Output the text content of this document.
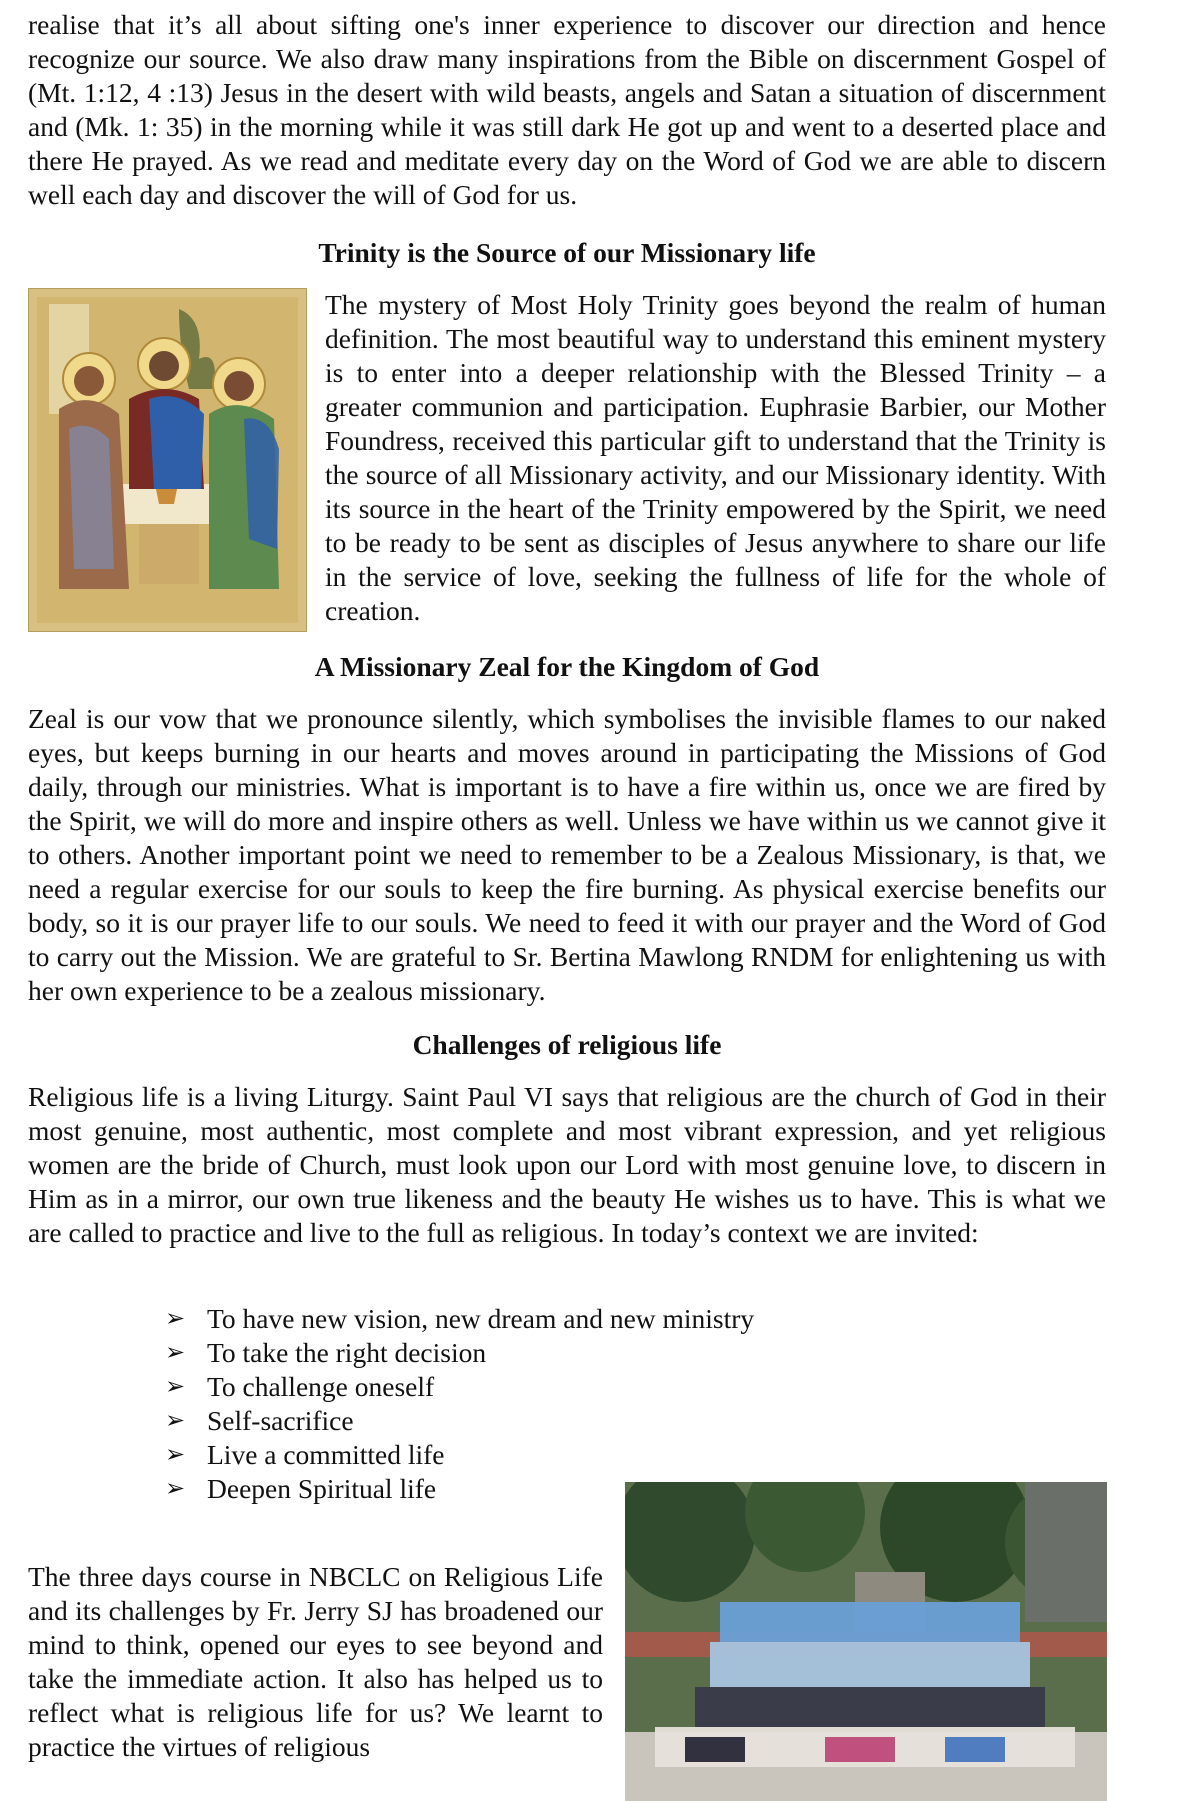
realise that it’s all about sifting one's inner experience to discover our direction and hence recognize our source. We also draw many inspirations from the Bible on discernment Gospel of (Mt. 1:12, 4 :13) Jesus in the desert with wild beasts, angels and Satan a situation of discernment and (Mk. 1: 35) in the morning while it was still dark He got up and went to a deserted place and there He prayed. As we read and meditate every day on the Word of God we are able to discern well each day and discover the will of God for us.

Trinity is the Source of our Missionary life

The mystery of Most Holy Trinity goes beyond the realm of human definition. The most beautiful way to understand this eminent mystery is to enter into a deeper relationship with the Blessed Trinity – a greater communion and participation. Euphrasie Barbier, our Mother Foundress, received this particular gift to understand that the Trinity is the source of all Missionary activity, and our Missionary identity. With its source in the heart of the Trinity empowered by the Spirit, we need to be ready to be sent as disciples of Jesus anywhere to share our life in the service of love, seeking the fullness of life for the whole of creation.

A Missionary Zeal for the Kingdom of God

Zeal is our vow that we pronounce silently, which symbolises the invisible flames to our naked eyes, but keeps burning in our hearts and moves around in participating the Missions of God daily, through our ministries. What is important is to have a fire within us, once we are fired by the Spirit, we will do more and inspire others as well. Unless we have within us we cannot give it to others. Another important point we need to remember to be a Zealous Missionary, is that, we need a regular exercise for our souls to keep the fire burning. As physical exercise benefits our body, so it is our prayer life to our souls. We need to feed it with our prayer and the Word of God to carry out the Mission. We are grateful to Sr. Bertina Mawlong RNDM for enlightening us with her own experience to be a zealous missionary.

Challenges of religious life

Religious life is a living Liturgy. Saint Paul VI says that religious are the church of God in their most genuine, most authentic, most complete and most vibrant expression, and yet religious women are the bride of Church, must look upon our Lord with most genuine love, to discern in Him as in a mirror, our own true likeness and the beauty He wishes us to have. This is what we are called to practice and live to the full as religious. In today’s context we are invited:

➢ To have new vision, new dream and new ministry
➢ To take the right decision
➢ To challenge oneself
➢ Self-sacrifice
➢ Live a committed life
➢ Deepen Spiritual life

The three days course in NBCLC on Religious Life and its challenges by Fr. Jerry SJ has broadened our mind to think, opened our eyes to see beyond and take the immediate action. It also has helped us to reflect what is religious life for us? We learnt to practice the virtues of religious
